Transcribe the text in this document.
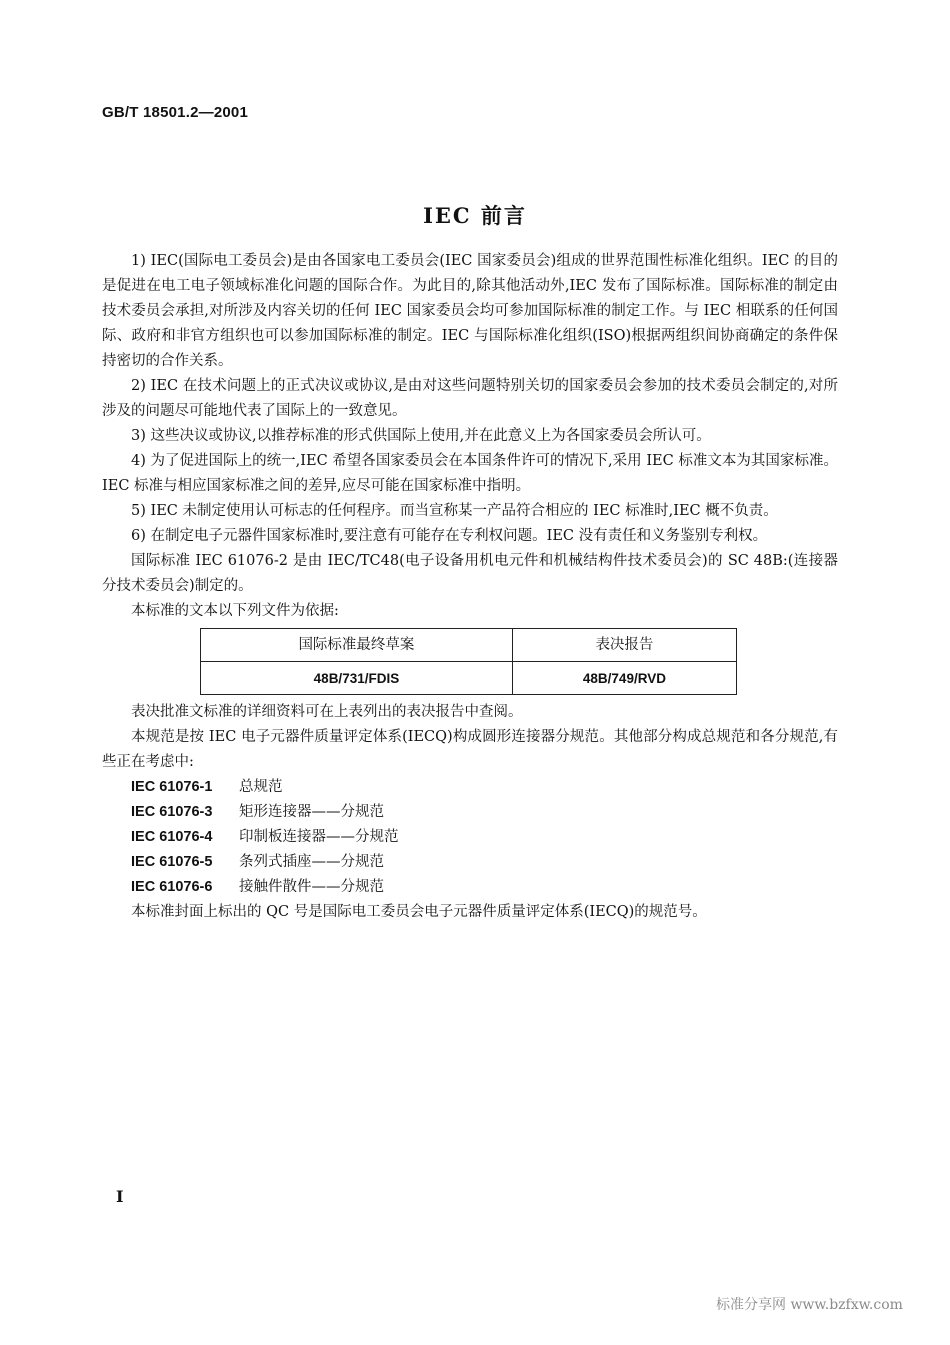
GB/T 18501.2—2001
IEC 前言

1) IEC(国际电工委员会)是由各国家电工委员会(IEC 国家委员会)组成的世界范围性标准化组织。IEC 的目的是促进在电工电子领域标准化问题的国际合作。为此目的,除其他活动外,IEC 发布了国际标准。国际标准的制定由技术委员会承担,对所涉及内容关切的任何 IEC 国家委员会均可参加国际标准的制定工作。与 IEC 相联系的任何国际、政府和非官方组织也可以参加国际标准的制定。IEC 与国际标准化组织(ISO)根据两组织间协商确定的条件保持密切的合作关系。

2) IEC 在技术问题上的正式决议或协议,是由对这些问题特别关切的国家委员会参加的技术委员会制定的,对所涉及的问题尽可能地代表了国际上的一致意见。

3) 这些决议或协议,以推荐标准的形式供国际上使用,并在此意义上为各国家委员会所认可。

4) 为了促进国际上的统一,IEC 希望各国家委员会在本国条件许可的情况下,采用 IEC 标准文本为其国家标准。IEC 标准与相应国家标准之间的差异,应尽可能在国家标准中指明。

5) IEC 未制定使用认可标志的任何程序。而当宣称某一产品符合相应的 IEC 标准时,IEC 概不负责。

6) 在制定电子元器件国家标准时,要注意有可能存在专利权问题。IEC 没有责任和义务鉴别专利权。

国际标准 IEC 61076-2 是由 IEC/TC48(电子设备用机电元件和机械结构件技术委员会)的 SC 48B:(连接器分技术委员会)制定的。

本标准的文本以下列文件为依据:

国际标准最终草案	表决报告
48B/731/FDIS	48B/749/RVD

表决批准文标准的详细资料可在上表列出的表决报告中查阅。

本规范是按 IEC 电子元器件质量评定体系(IECQ)构成圆形连接器分规范。其他部分构成总规范和各分规范,有些正在考虑中:

IEC 61076-1	总规范
IEC 61076-3	矩形连接器——分规范
IEC 61076-4	印制板连接器——分规范
IEC 61076-5	条列式插座——分规范
IEC 61076-6	接触件散件——分规范

本标准封面上标出的 QC 号是国际电工委员会电子元器件质量评定体系(IECQ)的规范号。

I
标准分享网 www.bzfxw.com
